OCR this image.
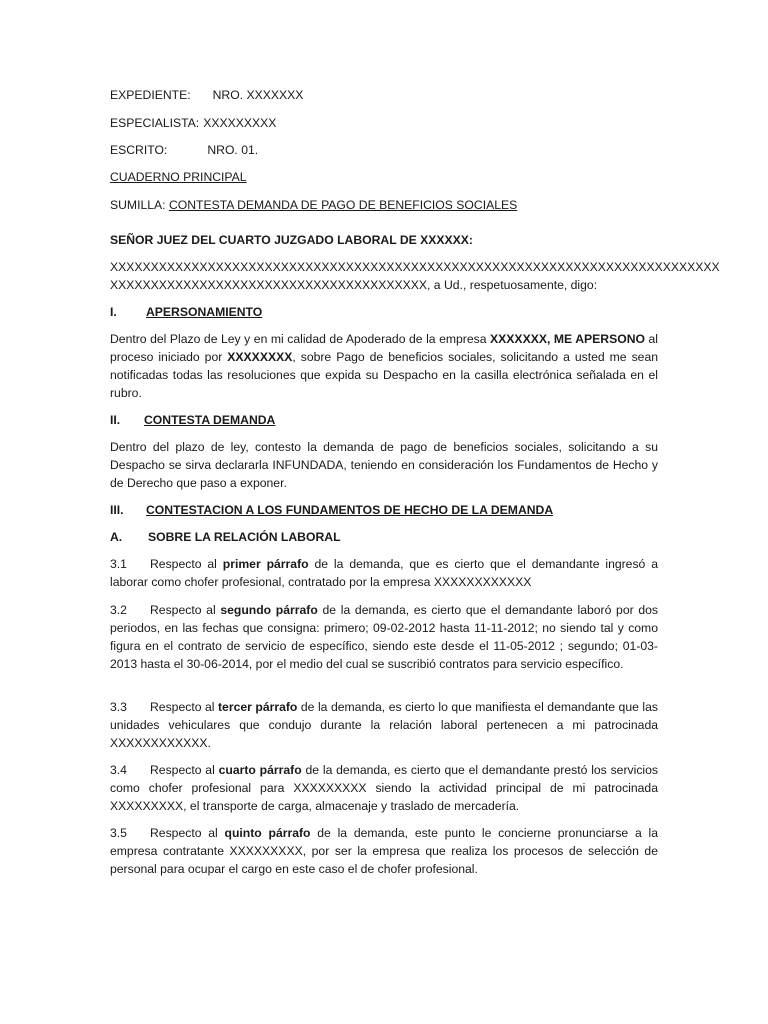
EXPEDIENTE: NRO. XXXXXXX

ESPECIALISTA: XXXXXXXXX

ESCRITO:	NRO. 01.

CUADERNO PRINCIPAL

SUMILLA: CONTESTA DEMANDA DE PAGO DE BENEFICIOS SOCIALES

SEÑOR JUEZ DEL CUARTO JUZGADO LABORAL DE XXXXXX:

XXXXXXXXXXXXXXXXXXXXXXXXXXXXXXXXXXXXXXXXXXXXXXXXXXXXXXXXXXXXXXXXXXXXXXXXXXX
XXXXXXXXXXXXXXXXXXXXXXXXXXXXXXXXXXXXXXX, a Ud., respetuosamente, digo:

I. APERSONAMIENTO

Dentro del Plazo de Ley y en mi calidad de Apoderado de la empresa XXXXXXX, ME APERSONO al proceso iniciado por XXXXXXXX, sobre Pago de beneficios sociales, solicitando a usted me sean notificadas todas las resoluciones que expida su Despacho en la casilla electrónica señalada en el rubro.

II. CONTESTA DEMANDA

Dentro del plazo de ley, contesto la demanda de pago de beneficios sociales, solicitando a su Despacho se sirva declararla INFUNDADA, teniendo en consideración los Fundamentos de Hecho y de Derecho que paso a exponer.

III. CONTESTACION A LOS FUNDAMENTOS DE HECHO DE LA DEMANDA

A. SOBRE LA RELACIÓN LABORAL

3.1 Respecto al primer párrafo de la demanda, que es cierto que el demandante ingresó a laborar como chofer profesional, contratado por la empresa XXXXXXXXXXXX

3.2 Respecto al segundo párrafo de la demanda, es cierto que el demandante laboró por dos periodos, en las fechas que consigna: primero; 09-02-2012 hasta 11-11-2012; no siendo tal y como figura en el contrato de servicio de específico, siendo este desde el 11-05-2012 ; segundo; 01-03-2013 hasta el 30-06-2014, por el medio del cual se suscribió contratos para servicio específico.

3.3 Respecto al tercer párrafo de la demanda, es cierto lo que manifiesta el demandante que las unidades vehiculares que condujo durante la relación laboral pertenecen a mi patrocinada XXXXXXXXXXXX.

3.4 Respecto al cuarto párrafo de la demanda, es cierto que el demandante prestó los servicios como chofer profesional para XXXXXXXXX siendo la actividad principal de mi patrocinada XXXXXXXXX, el transporte de carga, almacenaje y traslado de mercadería.

3.5 Respecto al quinto párrafo de la demanda, este punto le concierne pronunciarse a la empresa contratante XXXXXXXXX, por ser la empresa que realiza los procesos de selección de personal para ocupar el cargo en este caso el de chofer profesional.
